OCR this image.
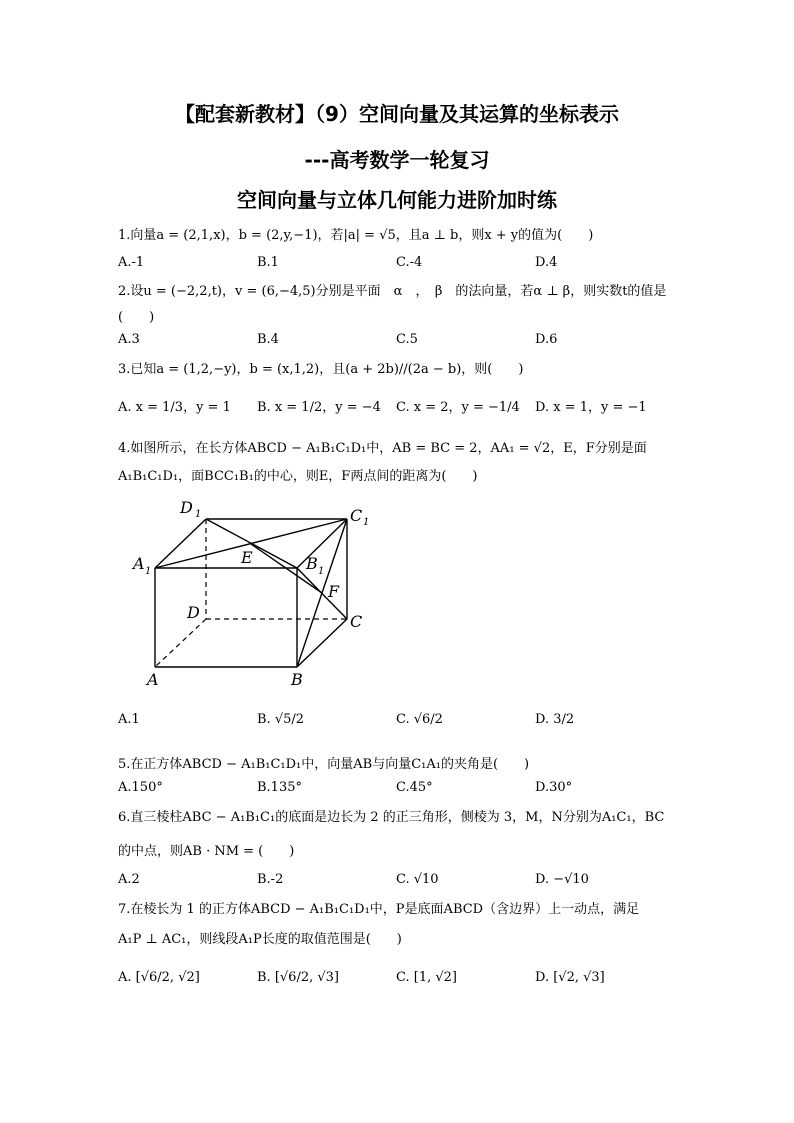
【配套新教材】（9）空间向量及其运算的坐标表示
---高考数学一轮复习
空间向量与立体几何能力进阶加时练
1.向量a = (2,1,x)，b = (2,y,−1)，若|a| = √5，且a ⊥ b，则x + y的值为(　　)
A.-1	B.1	C.-4	D.4
2.设u = (−2,2,t)，v = (6,−4,5)分别是平面　α　，　β　的法向量，若α ⊥ β，则实数t的值是
(　　)
A.3	B.4	C.5	D.6
3.已知a = (1,2,−y)，b = (x,1,2)，且(a + 2b)//(2a − b)，则(　　)
A. x = 1/3，y = 1 B. x = 1/2，y = −4 C. x = 2，y = −1/4 D. x = 1，y = −1
4.如图所示，在长方体ABCD − A₁B₁C₁D₁中，AB = BC = 2，AA₁ = √2，E，F分别是面
A₁B₁C₁D₁，面BCC₁B₁的中心，则E，F两点间的距离为(　　)
D 1	C 1
A 1
E	B 1
F
D	C
A	B
A.1	B. √5/2	C. √6/2	D. 3/2
5.在正方体ABCD − A₁B₁C₁D₁中，向量AB与向量C₁A₁的夹角是(　　)
A.150°	B.135°	C.45°	D.30°
6.直三棱柱ABC − A₁B₁C₁的底面是边长为 2 的正三角形，侧棱为 3，M，N分别为A₁C₁，BC
的中点，则AB · NM = (　　)
A.2	B.-2	C. √10	D. −√10
7.在棱长为 1 的正方体ABCD − A₁B₁C₁D₁中，P是底面ABCD（含边界）上一动点，满足
A₁P ⊥ AC₁，则线段A₁P长度的取值范围是(　　)
A. [√6/2, √2]	B. [√6/2, √3]	C. [1, √2]	D. [√2, √3]
